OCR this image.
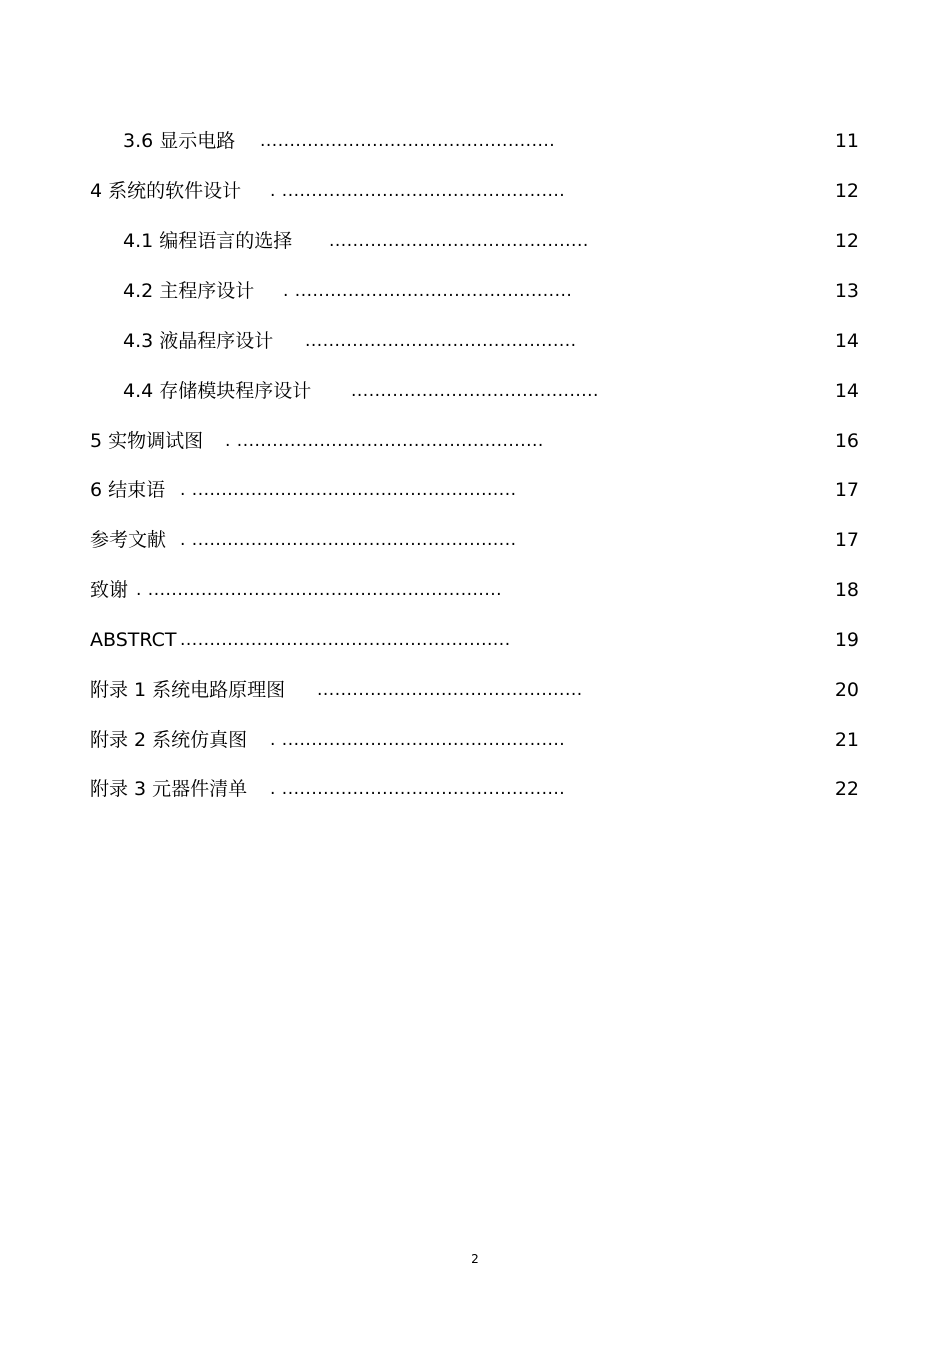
3.6 显示电路 ..................................................	11
4 系统的软件设计 . ................................................	12
4.1 编程语言的选择 ............................................	12
4.2 主程序设计 . ...............................................	13
4.3 液晶程序设计 ..............................................	14
4.4 存储模块程序设计 ..........................................	14
5 实物调试图 . ....................................................	16
6 结束语 . .......................................................	17
参考文献 . .......................................................	17
致谢 . ............................................................	18
ABSTRCT ........................................................	19
附录 1 系统电路原理图 .............................................	20
附录 2 系统仿真图 . ................................................	21
附录 3 元器件清单 . ................................................	22
2
